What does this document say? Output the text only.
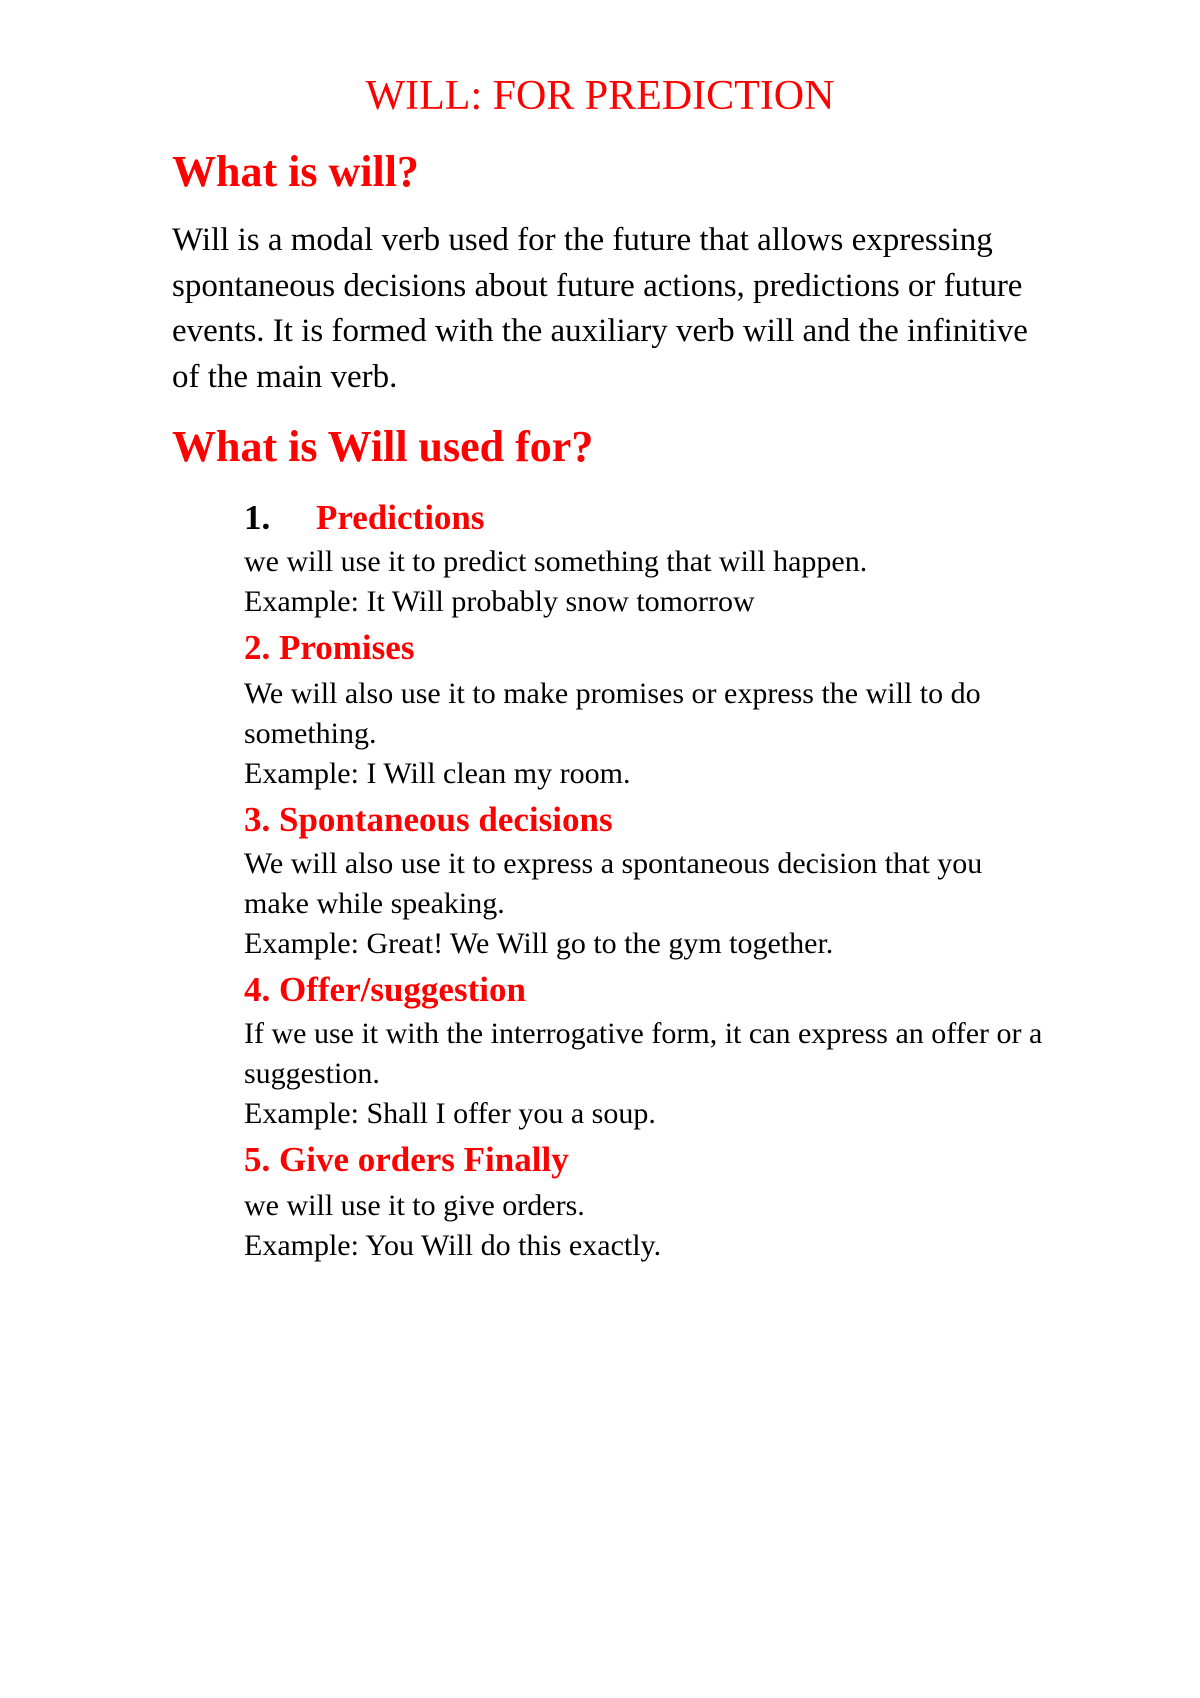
WILL: FOR PREDICTION
What is will?

Will is a modal verb used for the future that allows expressing spontaneous decisions about future actions, predictions or future events. It is formed with the auxiliary verb will and the infinitive of the main verb.

What is Will used for?
1. Predictions

we will use it to predict something that will happen.

Example: It Will probably snow tomorrow

2. Promises

We will also use it to make promises or express the will to do something.

Example: I Will clean my room.

3. Spontaneous decisions

We will also use it to express a spontaneous decision that you make while speaking.

Example: Great! We Will go to the gym together.

4. Offer/suggestion

If we use it with the interrogative form, it can express an offer or a suggestion.

Example: Shall I offer you a soup.

5. Give orders Finally

we will use it to give orders.

Example: You Will do this exactly.
